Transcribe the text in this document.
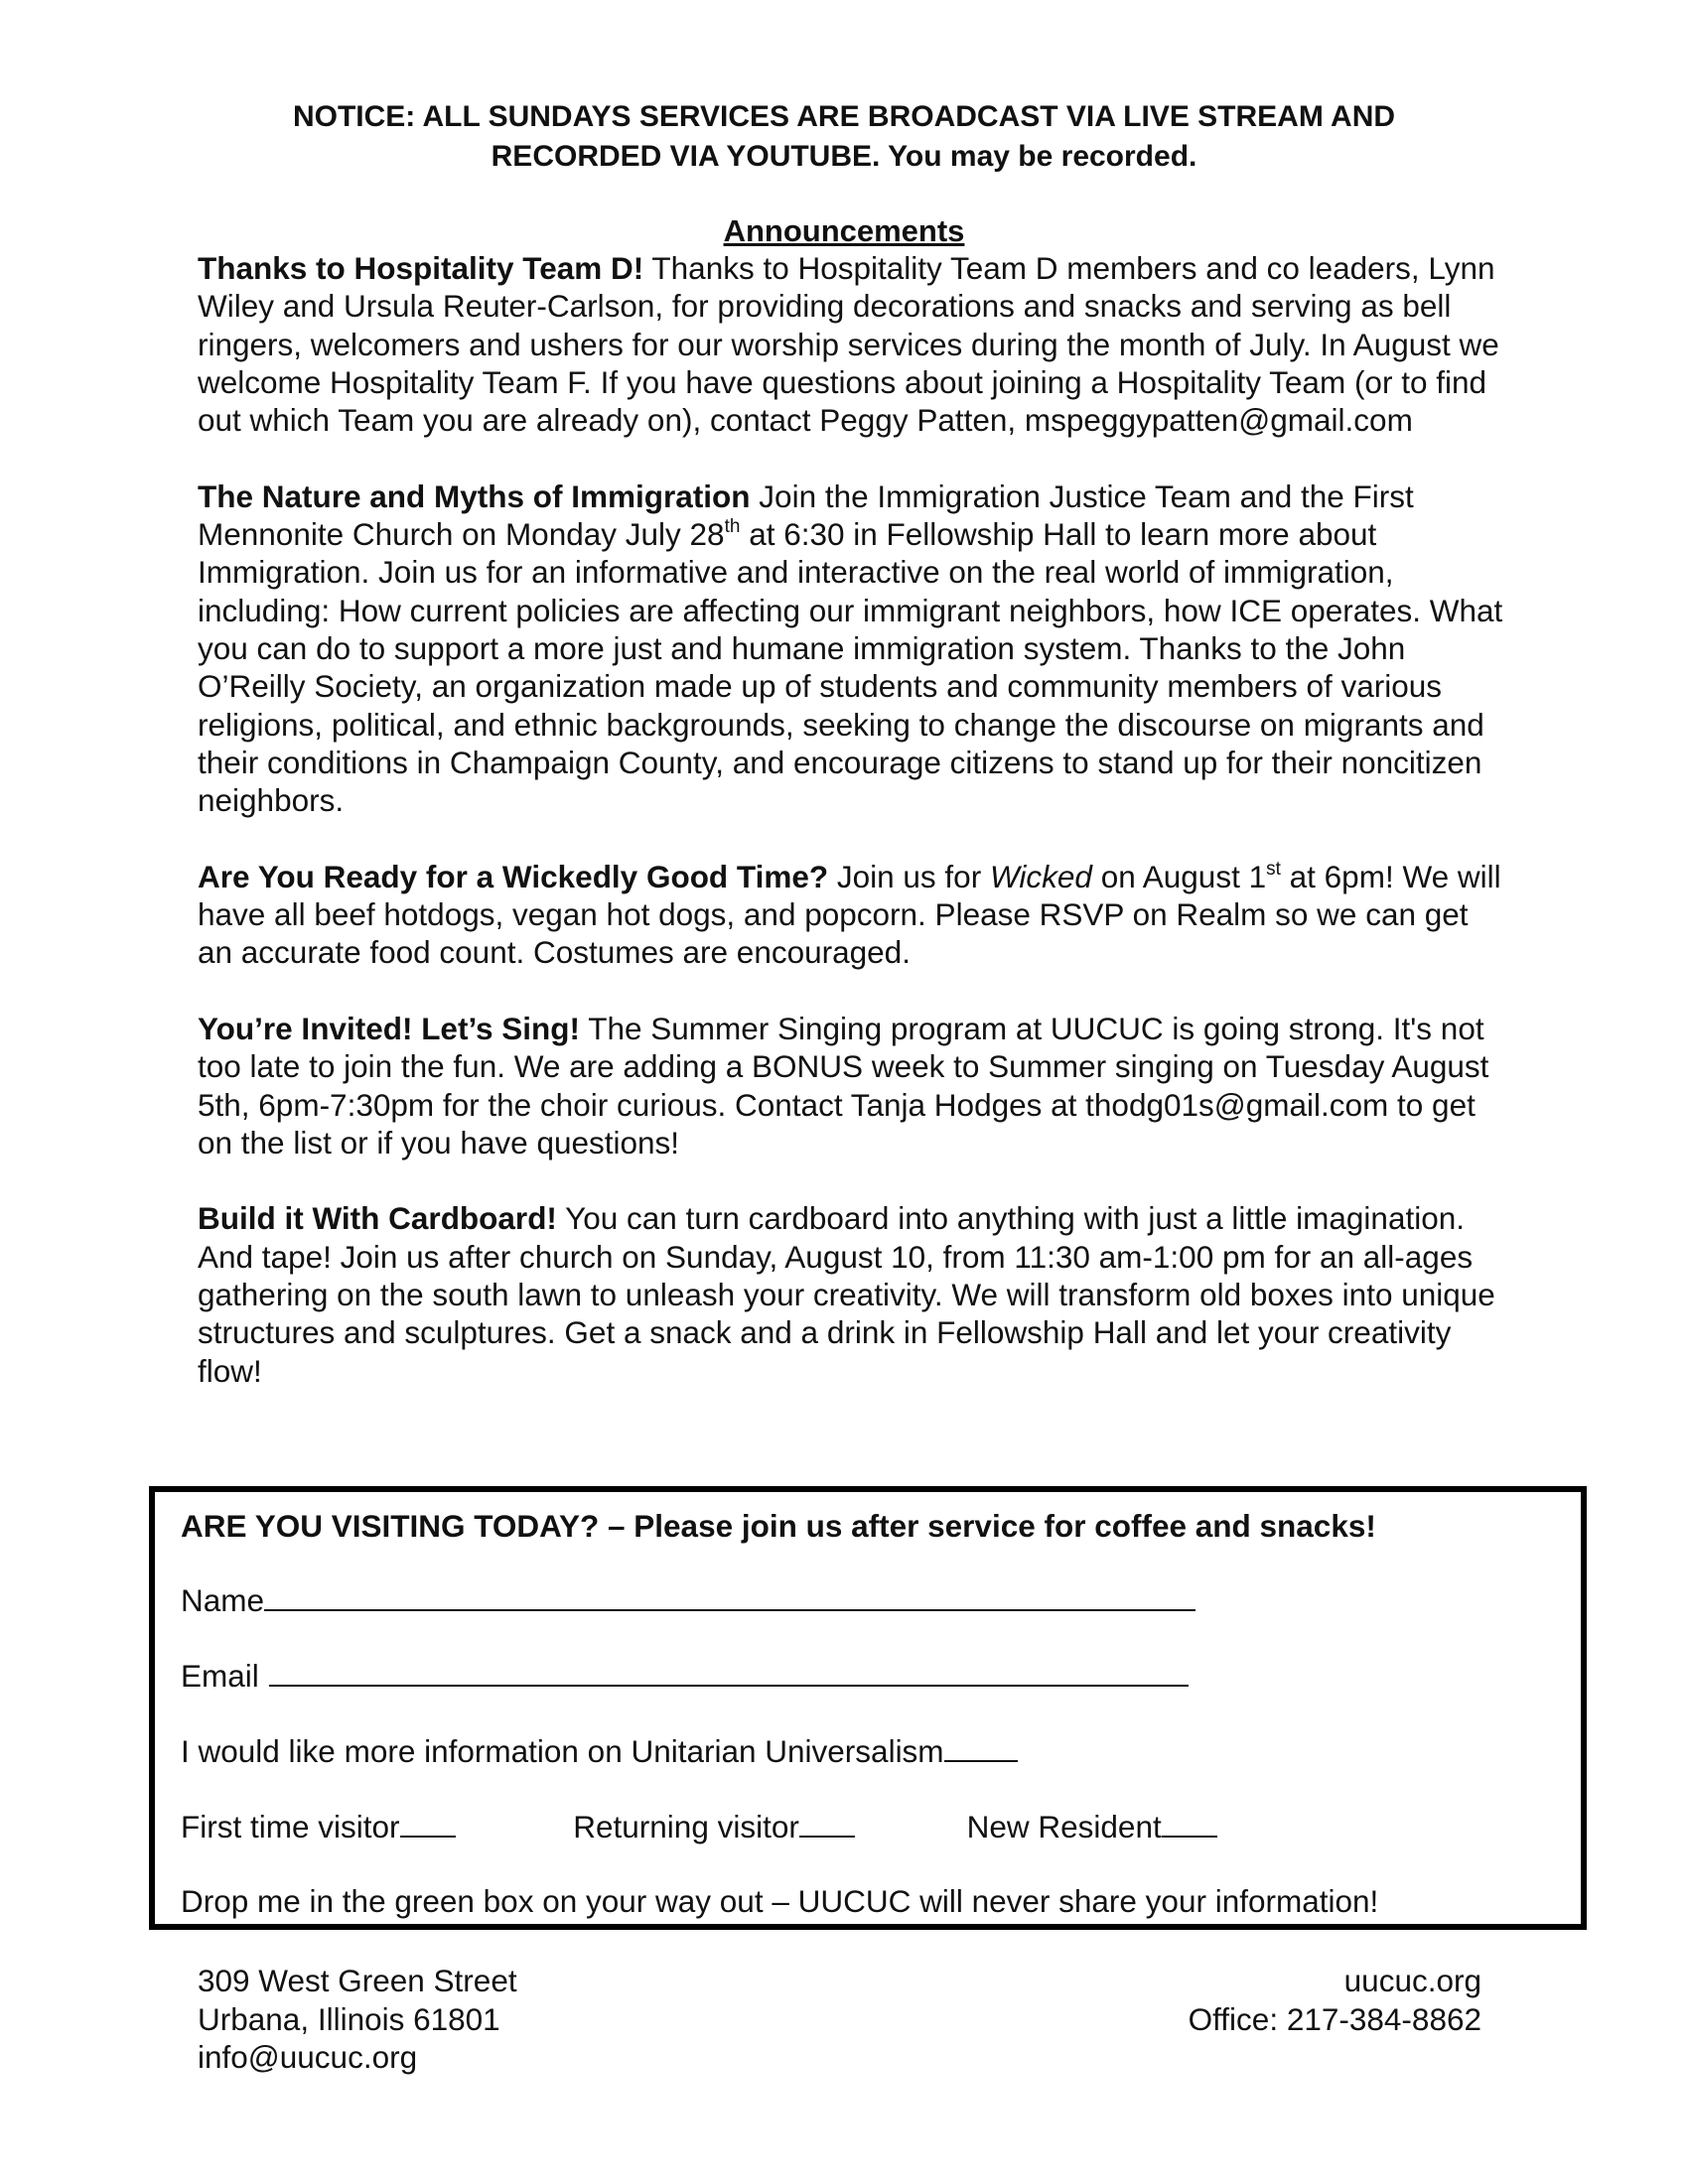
NOTICE: ALL SUNDAYS SERVICES ARE BROADCAST VIA LIVE STREAM AND
RECORDED VIA YOUTUBE. You may be recorded.
Announcements

Thanks to Hospitality Team D! Thanks to Hospitality Team D members and co leaders, Lynn Wiley and Ursula Reuter-Carlson, for providing decorations and snacks and serving as bell ringers, welcomers and ushers for our worship services during the month of July. In August we welcome Hospitality Team F. If you have questions about joining a Hospitality Team (or to find out which Team you are already on), contact Peggy Patten, mspeggypatten@gmail.com

The Nature and Myths of Immigration Join the Immigration Justice Team and the First Mennonite Church on Monday July 28th at 6:30 in Fellowship Hall to learn more about Immigration. Join us for an informative and interactive on the real world of immigration, including: How current policies are affecting our immigrant neighbors, how ICE operates. What you can do to support a more just and humane immigration system. Thanks to the John O’Reilly Society, an organization made up of students and community members of various religions, political, and ethnic backgrounds, seeking to change the discourse on migrants and their conditions in Champaign County, and encourage citizens to stand up for their noncitizen neighbors.

Are You Ready for a Wickedly Good Time? Join us for Wicked on August 1st at 6pm! We will have all beef hotdogs, vegan hot dogs, and popcorn. Please RSVP on Realm so we can get an accurate food count. Costumes are encouraged.

You’re Invited! Let’s Sing! The Summer Singing program at UUCUC is going strong. It's not too late to join the fun. We are adding a BONUS week to Summer singing on Tuesday August 5th, 6pm-7:30pm for the choir curious. Contact Tanja Hodges at thodg01s@gmail.com to get on the list or if you have questions!

Build it With Cardboard! You can turn cardboard into anything with just a little imagination. And tape! Join us after church on Sunday, August 10, from 11:30 am-1:00 pm for an all-ages gathering on the south lawn to unleash your creativity. We will transform old boxes into unique structures and sculptures. Get a snack and a drink in Fellowship Hall and let your creativity flow!

ARE YOU VISITING TODAY? – Please join us after service for coffee and snacks!
Name
Email
I would like more information on Unitarian Universalism
First time visitor	Returning visitor	New Resident
Drop me in the green box on your way out – UUCUC will never share your information!
309 West Green Street
Urbana, Illinois 61801
info@uucuc.org
uucuc.org
Office: 217-384-8862
